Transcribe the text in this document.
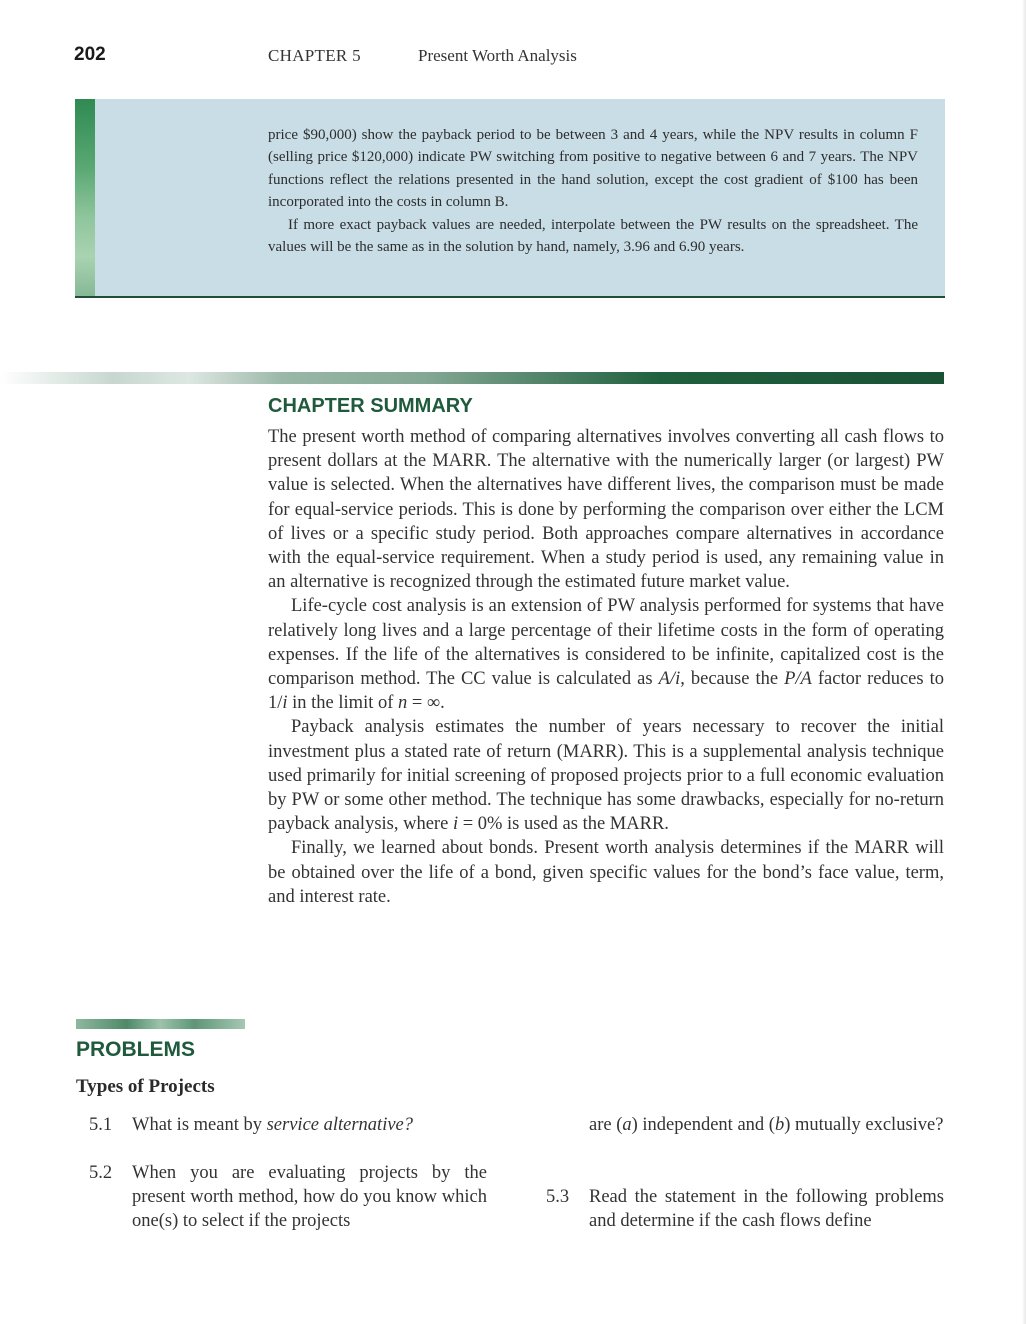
202	CHAPTER 5	Present Worth Analysis

price $90,000) show the payback period to be between 3 and 4 years, while the NPV results in column F (selling price $120,000) indicate PW switching from positive to negative between 6 and 7 years. The NPV functions reflect the relations presented in the hand solution, except the cost gradient of $100 has been incorporated into the costs in column B.

If more exact payback values are needed, interpolate between the PW results on the spreadsheet. The values will be the same as in the solution by hand, namely, 3.96 and 6.90 years.

CHAPTER SUMMARY

The present worth method of comparing alternatives involves converting all cash flows to present dollars at the MARR. The alternative with the numerically larger (or largest) PW value is selected. When the alternatives have different lives, the comparison must be made for equal-service periods. This is done by performing the comparison over either the LCM of lives or a specific study period. Both approaches compare alternatives in accordance with the equal-service requirement. When a study period is used, any remaining value in an alternative is recognized through the estimated future market value.

Life-cycle cost analysis is an extension of PW analysis performed for systems that have relatively long lives and a large percentage of their lifetime costs in the form of operating expenses. If the life of the alternatives is considered to be infinite, capitalized cost is the comparison method. The CC value is calculated as A/i, because the P/A factor reduces to 1/i in the limit of n = ∞.

Payback analysis estimates the number of years necessary to recover the initial investment plus a stated rate of return (MARR). This is a supplemental analysis technique used primarily for initial screening of proposed projects prior to a full economic evaluation by PW or some other method. The technique has some drawbacks, especially for no-return payback analysis, where i = 0% is used as the MARR.

Finally, we learned about bonds. Present worth analysis determines if the MARR will be obtained over the life of a bond, given specific values for the bond’s face value, term, and interest rate.

PROBLEMS
Types of Projects
5.1 What is meant by service alternative?
5.2 When you are evaluating projects by the present worth method, how do you know which one(s) to select if the projects
are (a) independent and (b) mutually exclusive?
5.3 Read the statement in the following problems and determine if the cash flows define
